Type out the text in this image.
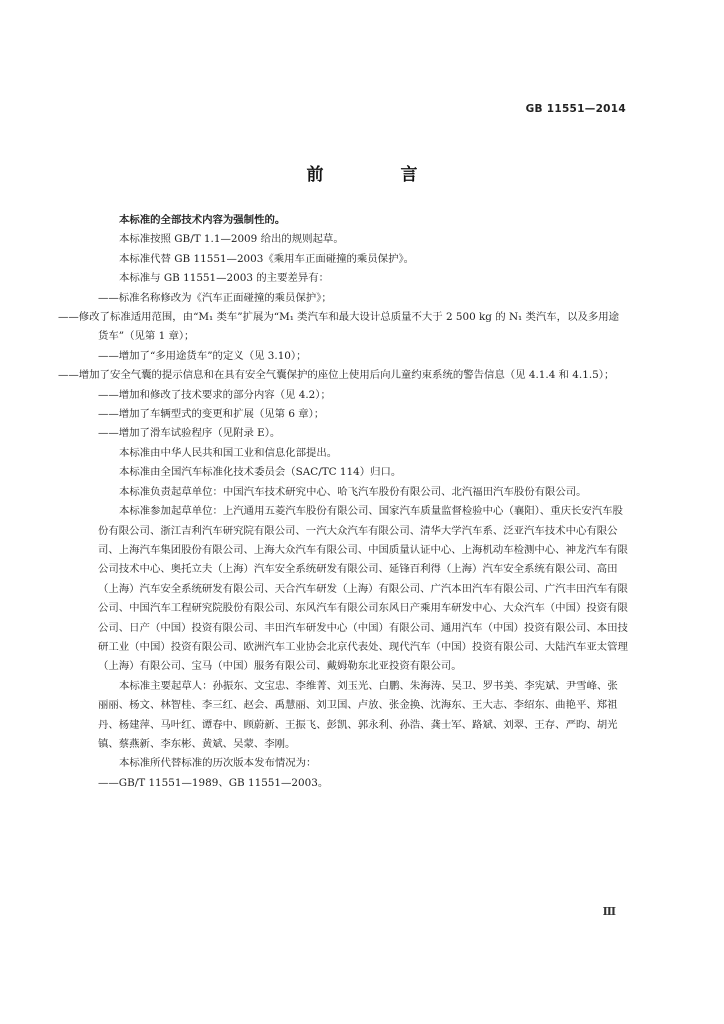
GB 11551—2014
前　言

本标准的全部技术内容为强制性的。

本标准按照 GB/T 1.1—2009 给出的规则起草。

本标准代替 GB 11551—2003《乘用车正面碰撞的乘员保护》。

本标准与 GB 11551—2003 的主要差异有：

——标准名称修改为《汽车正面碰撞的乘员保护》；

——修改了标准适用范围，由“M₁ 类车”扩展为“M₁ 类汽车和最大设计总质量不大于 2 500 kg 的 N₁ 类汽车，以及多用途货车”（见第 1 章）；

——增加了“多用途货车”的定义（见 3.10）；

——增加了安全气囊的提示信息和在具有安全气囊保护的座位上使用后向儿童约束系统的警告信息（见 4.1.4 和 4.1.5）；

——增加和修改了技术要求的部分内容（见 4.2）；

——增加了车辆型式的变更和扩展（见第 6 章）；

——增加了滑车试验程序（见附录 E）。

本标准由中华人民共和国工业和信息化部提出。

本标准由全国汽车标准化技术委员会（SAC/TC 114）归口。

本标准负责起草单位：中国汽车技术研究中心、哈飞汽车股份有限公司、北汽福田汽车股份有限公司。

本标准参加起草单位：上汽通用五菱汽车股份有限公司、国家汽车质量监督检验中心（襄阳）、重庆长安汽车股份有限公司、浙江吉利汽车研究院有限公司、一汽大众汽车有限公司、清华大学汽车系、泛亚汽车技术中心有限公司、上海汽车集团股份有限公司、上海大众汽车有限公司、中国质量认证中心、上海机动车检测中心、神龙汽车有限公司技术中心、奥托立夫（上海）汽车安全系统研发有限公司、延锋百利得（上海）汽车安全系统有限公司、高田（上海）汽车安全系统研发有限公司、天合汽车研发（上海）有限公司、广汽本田汽车有限公司、广汽丰田汽车有限公司、中国汽车工程研究院股份有限公司、东风汽车有限公司东风日产乘用车研发中心、大众汽车（中国）投资有限公司、日产（中国）投资有限公司、丰田汽车研发中心（中国）有限公司、通用汽车（中国）投资有限公司、本田技研工业（中国）投资有限公司、欧洲汽车工业协会北京代表处、现代汽车（中国）投资有限公司、大陆汽车亚太管理（上海）有限公司、宝马（中国）服务有限公司、戴姆勒东北亚投资有限公司。

本标准主要起草人：孙振东、文宝忠、李维菁、刘玉光、白鹏、朱海涛、吴卫、罗书美、李宪斌、尹雪峰、张丽丽、杨文、林智桂、李三红、赵会、禹慧丽、刘卫国、卢放、张金换、沈海东、王大志、李绍东、曲艳平、郑祖丹、杨建萍、马叶红、谭春中、顾蔚新、王振飞、彭凯、郭永利、孙浩、龚士军、路斌、刘翠、王存、严昀、胡光镇、蔡燕新、李东彬、黄斌、吴蒙、李刚。

本标准所代替标准的历次版本发布情况为：

——GB/T 11551—1989、GB 11551—2003。

Ⅲ
